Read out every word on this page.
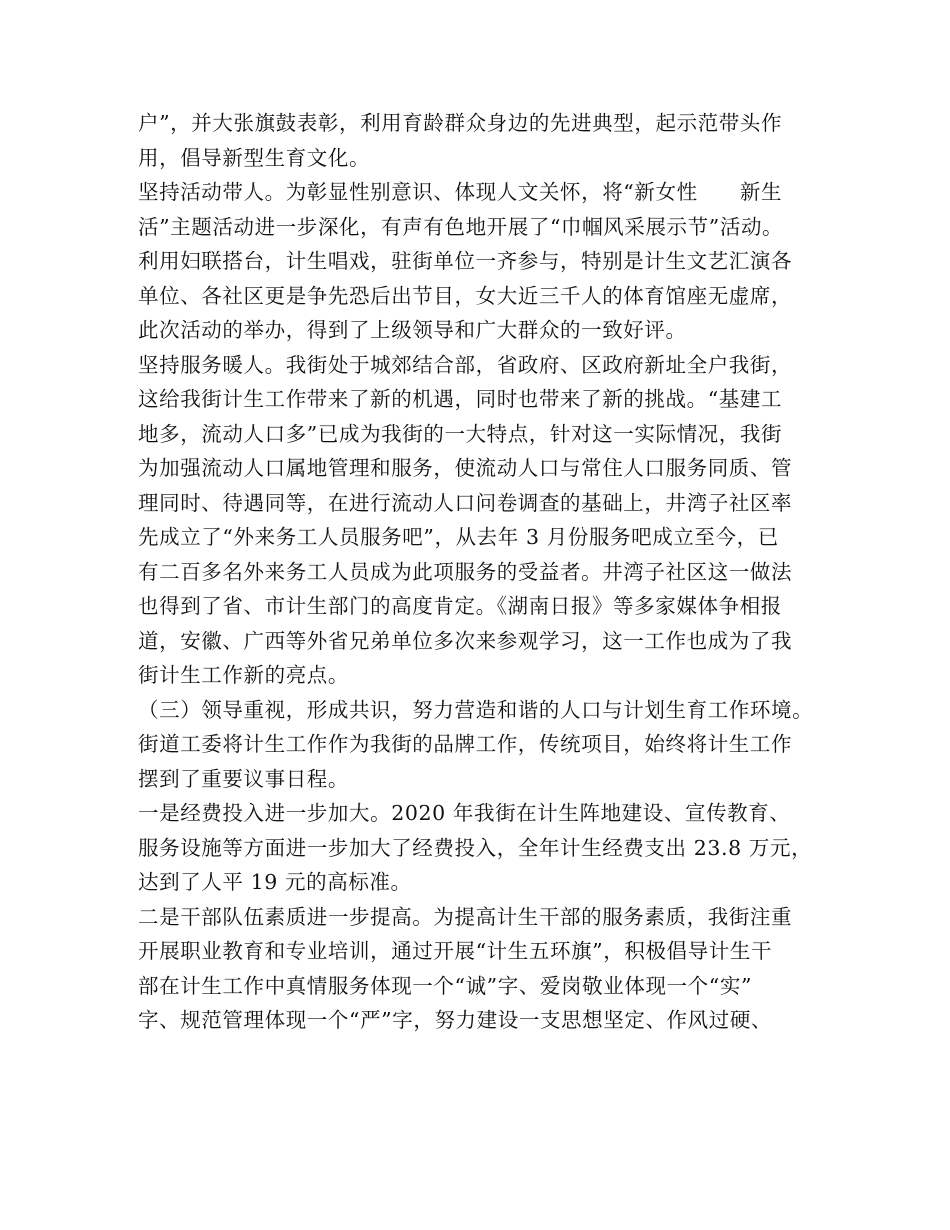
户”，并大张旗鼓表彰，利用育龄群众身边的先进典型，起示范带头作
用，倡导新型生育文化。

坚持活动带人。为彰显性别意识、体现人文关怀，将“新女性　　新生
活”主题活动进一步深化，有声有色地开展了“巾帼风采展示节”活动。
利用妇联搭台，计生唱戏，驻街单位一齐参与，特别是计生文艺汇演各
单位、各社区更是争先恐后出节目，女大近三千人的体育馆座无虚席，
此次活动的举办，得到了上级领导和广大群众的一致好评。

坚持服务暖人。我街处于城郊结合部，省政府、区政府新址全户我街，
这给我街计生工作带来了新的机遇，同时也带来了新的挑战。“基建工
地多，流动人口多”已成为我街的一大特点，针对这一实际情况，我街
为加强流动人口属地管理和服务，使流动人口与常住人口服务同质、管
理同时、待遇同等，在进行流动人口问卷调查的基础上，井湾子社区率
先成立了“外来务工人员服务吧”，从去年 3 月份服务吧成立至今，已
有二百多名外来务工人员成为此项服务的受益者。井湾子社区这一做法
也得到了省、市计生部门的高度肯定。《湖南日报》等多家媒体争相报
道，安徽、广西等外省兄弟单位多次来参观学习，这一工作也成为了我
街计生工作新的亮点。

（三）领导重视，形成共识，努力营造和谐的人口与计划生育工作环境。
街道工委将计生工作作为我街的品牌工作，传统项目，始终将计生工作
摆到了重要议事日程。

一是经费投入进一步加大。2020 年我街在计生阵地建设、宣传教育、
服务设施等方面进一步加大了经费投入，全年计生经费支出 23.8 万元，
达到了人平 19 元的高标准。

二是干部队伍素质进一步提高。为提高计生干部的服务素质，我街注重
开展职业教育和专业培训，通过开展“计生五环旗”，积极倡导计生干
部在计生工作中真情服务体现一个“诚”字、爱岗敬业体现一个“实”
字、规范管理体现一个“严”字，努力建设一支思想坚定、作风过硬、
